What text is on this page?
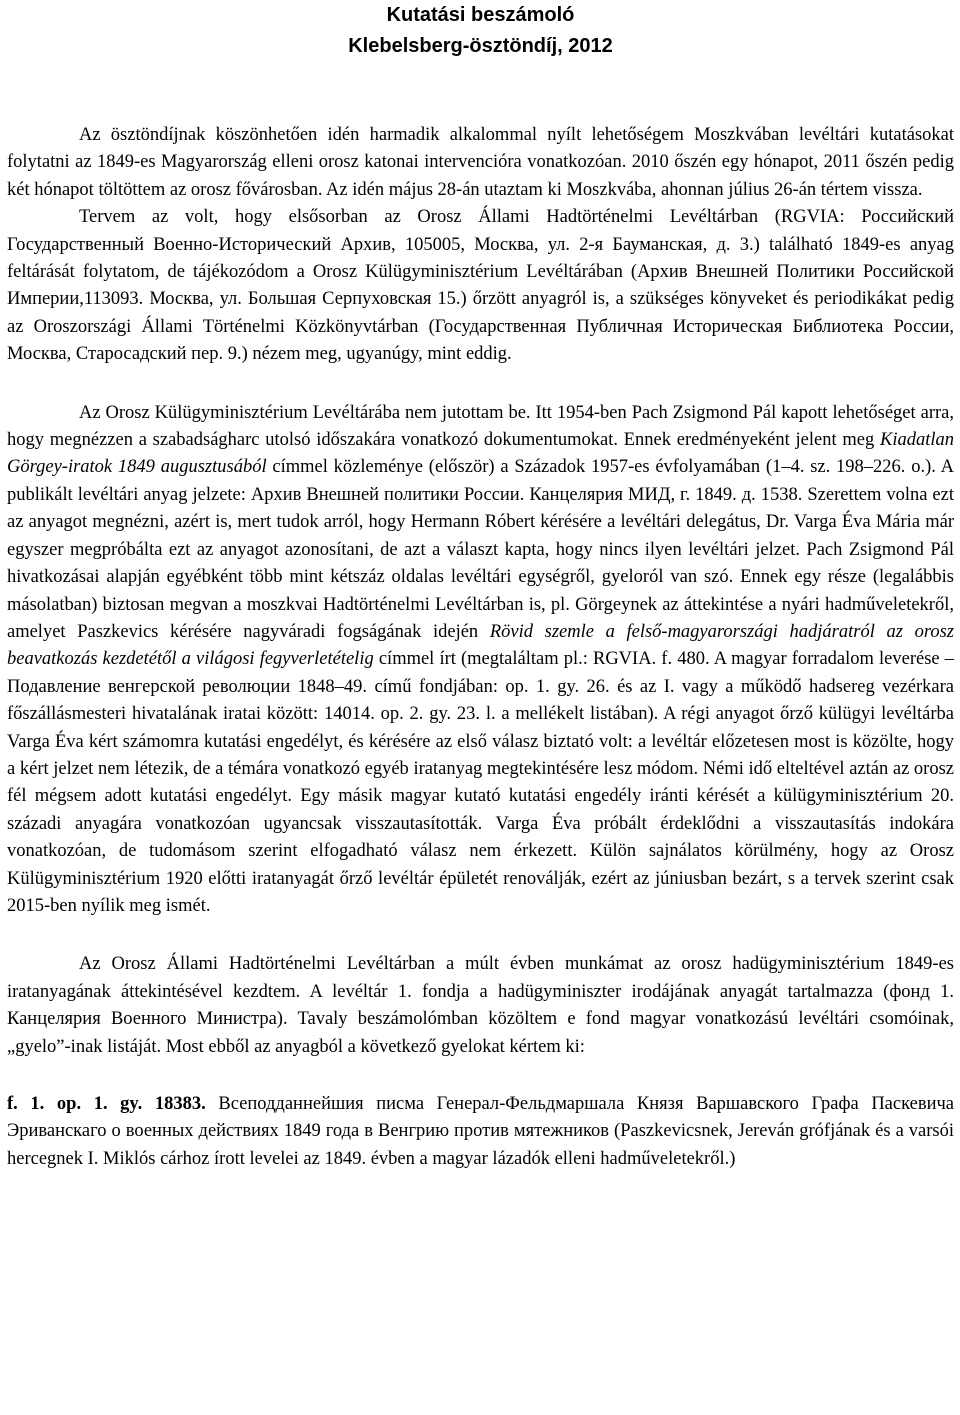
Kutatási beszámoló
Klebelsberg-ösztöndíj, 2012

Az ösztöndíjnak köszönhetően idén harmadik alkalommal nyílt lehetőségem Moszkvában levéltári kutatásokat folytatni az 1849-es Magyarország elleni orosz katonai intervencióra vonatkozóan. 2010 őszén egy hónapot, 2011 őszén pedig két hónapot töltöttem az orosz fővárosban. Az idén május 28-án utaztam ki Moszkvába, ahonnan július 26-án tértem vissza.

Tervem az volt, hogy elsősorban az Orosz Állami Hadtörténelmi Levéltárban (RGVIA: Российский Государственный Военно-Исторический Архив, 105005, Москва, ул. 2-я Бауманская, д. 3.) található 1849-es anyag feltárását folytatom, de tájékozódom a Orosz Külügyminisztérium Levéltárában (Архив Внешней Политики Российской Империи,113093. Москва, ул. Большая Серпуховская 15.) őrzött anyagról is, a szükséges könyveket és periodikákat pedig az Oroszországi Állami Történelmi Közkönyvtárban (Государственная Публичная Историческая Библиотека России, Москва, Старосадский пер. 9.) nézem meg, ugyanúgy, mint eddig.

Az Orosz Külügyminisztérium Levéltárába nem jutottam be. Itt 1954-ben Pach Zsigmond Pál kapott lehetőséget arra, hogy megnézzen a szabadságharc utolsó időszakára vonatkozó dokumentumokat. Ennek eredményeként jelent meg Kiadatlan Görgey-iratok 1849 augusztusából címmel közleménye (először) a Századok 1957-es évfolyamában (1–4. sz. 198–226. o.). A publikált levéltári anyag jelzete: Архив Внешней политики России. Канцелярия МИД, г. 1849. д. 1538. Szerettem volna ezt az anyagot megnézni, azért is, mert tudok arról, hogy Hermann Róbert kérésére a levéltári delegátus, Dr. Varga Éva Mária már egyszer megpróbálta ezt az anyagot azonosítani, de azt a választ kapta, hogy nincs ilyen levéltári jelzet. Pach Zsigmond Pál hivatkozásai alapján egyébként több mint kétszáz oldalas levéltári egységről, gyeloról van szó. Ennek egy része (legalábbis másolatban) biztosan megvan a moszkvai Hadtörténelmi Levéltárban is, pl. Görgeynek az áttekintése a nyári hadműveletekről, amelyet Paszkevics kérésére nagyváradi fogságának idején Rövid szemle a felső-magyarországi hadjáratról az orosz beavatkozás kezdetétől a világosi fegyverletételig címmel írt (megtaláltam pl.: RGVIA. f. 480. A magyar forradalom leverése – Подавление венгерской революции 1848–49. című fondjában: op. 1. gy. 26. és az I. vagy a működő hadsereg vezérkara főszállásmesteri hivatalának iratai között: 14014. op. 2. gy. 23. l. a mellékelt listában). A régi anyagot őrző külügyi levéltárba Varga Éva kért számomra kutatási engedélyt, és kérésére az első válasz biztató volt: a levéltár előzetesen most is közölte, hogy a kért jelzet nem létezik, de a témára vonatkozó egyéb iratanyag megtekintésére lesz módom. Némi idő elteltével aztán az orosz fél mégsem adott kutatási engedélyt. Egy másik magyar kutató kutatási engedély iránti kérését a külügyminisztérium 20. századi anyagára vonatkozóan ugyancsak visszautasították. Varga Éva próbált érdeklődni a visszautasítás indokára vonatkozóan, de tudomásom szerint elfogadható válasz nem érkezett. Külön sajnálatos körülmény, hogy az Orosz Külügyminisztérium 1920 előtti iratanyagát őrző levéltár épületét renoválják, ezért az júniusban bezárt, s a tervek szerint csak 2015-ben nyílik meg ismét.

Az Orosz Állami Hadtörténelmi Levéltárban a múlt évben munkámat az orosz hadügyminisztérium 1849-es iratanyagának áttekintésével kezdtem. A levéltár 1. fondja a hadügyminiszter irodájának anyagát tartalmazza (фонд 1. Канцелярия Военного Министра). Tavaly beszámolómban közöltem e fond magyar vonatkozású levéltári csomóinak, „gyelo”-inak listáját. Most ebből az anyagból a következő gyelokat kértem ki:

f. 1. op. 1. gy. 18383. Всеподданнейшия писма Генерал-Фельдмаршала Князя Варшавского Графа Паскевича Эриванскаго о военных действиях 1849 года в Венгрию против мятежников (Paszkevicsnek, Jereván grófjának és a varsói hercegnek I. Miklós cárhoz írott levelei az 1849. évben a magyar lázadók elleni hadműveletekről.)
